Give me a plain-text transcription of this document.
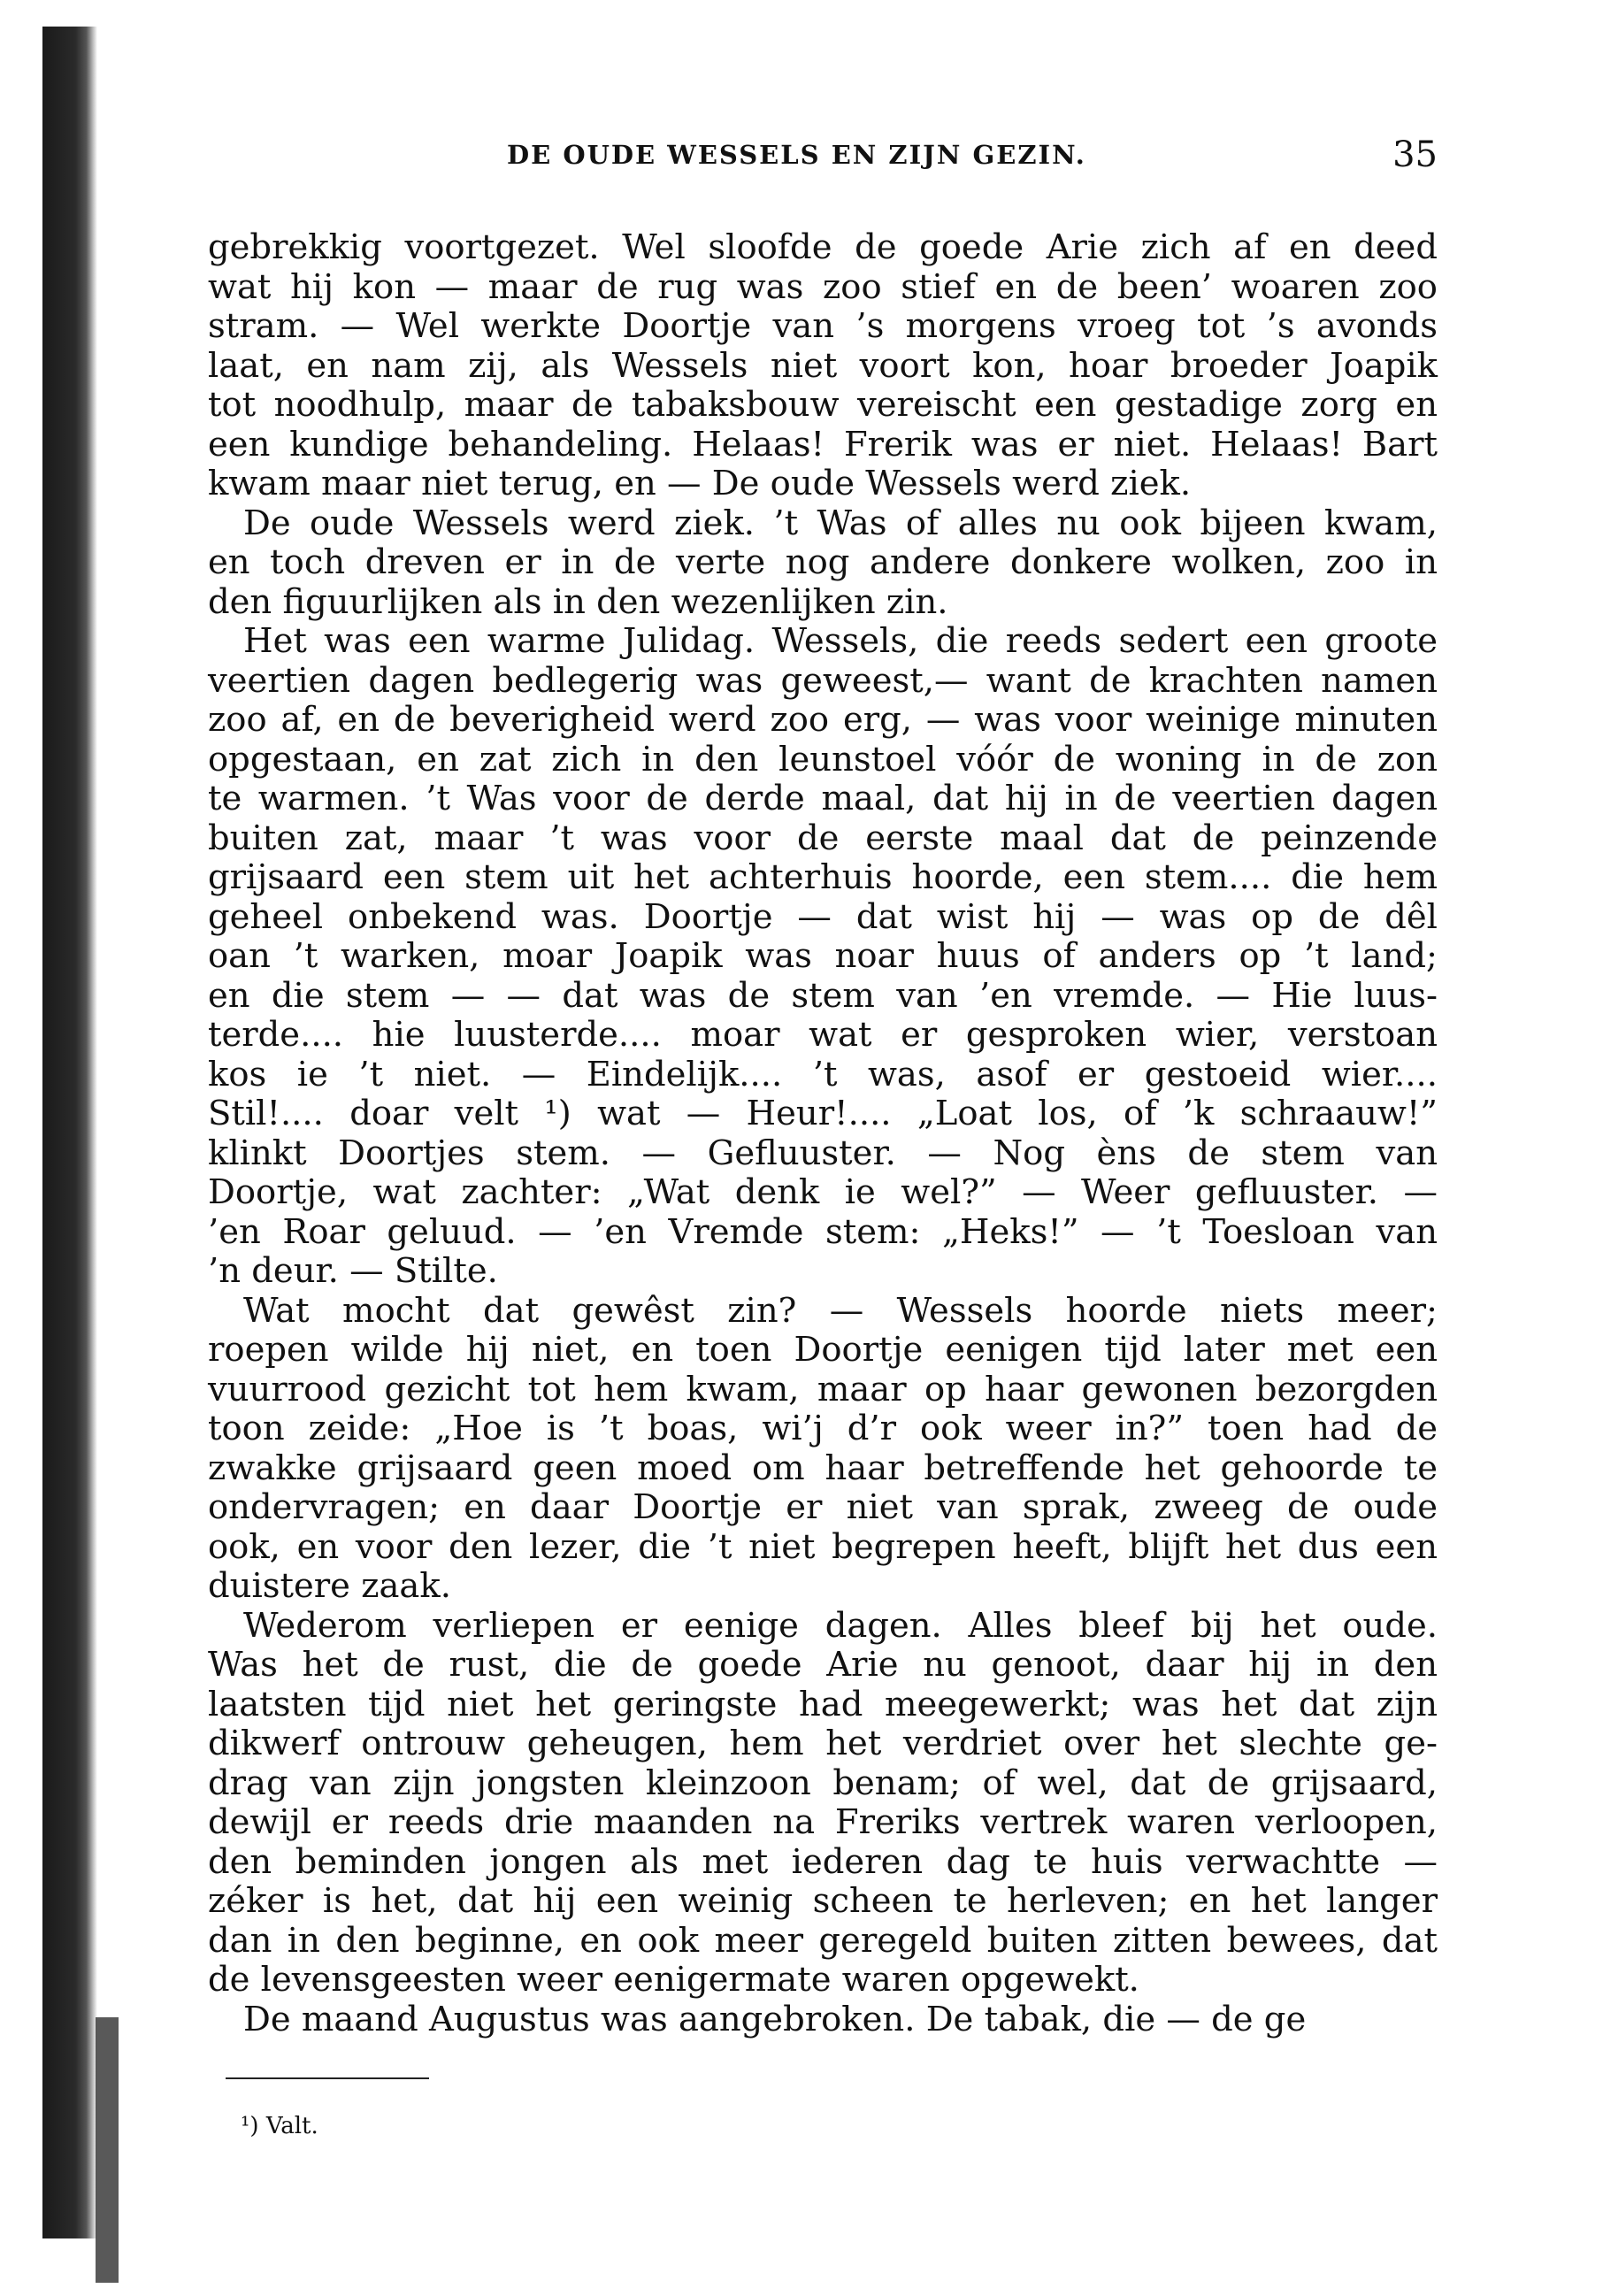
DE OUDE WESSELS EN ZIJN GEZIN.	35
gebrekkig voortgezet. Wel sloofde de goede Arie zich af en deed
wat hij kon — maar de rug was zoo stief en de been’ woaren zoo
stram. — Wel werkte Doortje van ’s morgens vroeg tot ’s avonds
laat, en nam zij, als Wessels niet voort kon, hoar broeder Joapik
tot noodhulp, maar de tabaksbouw vereischt een gestadige zorg en
een kundige behandeling. Helaas! Frerik was er niet. Helaas! Bart
kwam maar niet terug, en — De oude Wessels werd ziek.
De oude Wessels werd ziek. ’t Was of alles nu ook bijeen kwam,
en toch dreven er in de verte nog andere donkere wolken, zoo in
den figuurlijken als in den wezenlijken zin.
Het was een warme Julidag. Wessels, die reeds sedert een groote
veertien dagen bedlegerig was geweest,— want de krachten namen
zoo af, en de beverigheid werd zoo erg, — was voor weinige minuten
opgestaan, en zat zich in den leunstoel vóór de woning in de zon
te warmen. ’t Was voor de derde maal, dat hij in de veertien dagen
buiten zat, maar ’t was voor de eerste maal dat de peinzende
grijsaard een stem uit het achterhuis hoorde, een stem.... die hem
geheel onbekend was. Doortje — dat wist hij — was op de dêl
oan ’t warken, moar Joapik was noar huus of anders op ’t land;
en die stem — — dat was de stem van ’en vremde. — Hie luus-
terde.... hie luusterde.... moar wat er gesproken wier, verstoan
kos ie ’t niet. — Eindelijk.... ’t was, asof er gestoeid wier....
Stil!.... doar velt ¹) wat — Heur!.... „Loat los, of ’k schraauw!”
klinkt Doortjes stem. — Gefluuster. — Nog èns de stem van
Doortje, wat zachter: „Wat denk ie wel?” — Weer gefluuster. —
’en Roar geluud. — ’en Vremde stem: „Heks!” — ’t Toesloan van
’n deur. — Stilte.
Wat mocht dat gewêst zin? — Wessels hoorde niets meer;
roepen wilde hij niet, en toen Doortje eenigen tijd later met een
vuurrood gezicht tot hem kwam, maar op haar gewonen bezorgden
toon zeide: „Hoe is ’t boas, wi’j d’r ook weer in?” toen had de
zwakke grijsaard geen moed om haar betreffende het gehoorde te
ondervragen; en daar Doortje er niet van sprak, zweeg de oude
ook, en voor den lezer, die ’t niet begrepen heeft, blijft het dus een
duistere zaak.
Wederom verliepen er eenige dagen. Alles bleef bij het oude.
Was het de rust, die de goede Arie nu genoot, daar hij in den
laatsten tijd niet het geringste had meegewerkt; was het dat zijn
dikwerf ontrouw geheugen, hem het verdriet over het slechte ge-
drag van zijn jongsten kleinzoon benam; of wel, dat de grijsaard,
dewijl er reeds drie maanden na Freriks vertrek waren verloopen,
den beminden jongen als met iederen dag te huis verwachtte —
zéker is het, dat hij een weinig scheen te herleven; en het langer
dan in den beginne, en ook meer geregeld buiten zitten bewees, dat
de levensgeesten weer eenigermate waren opgewekt.
De maand Augustus was aangebroken. De tabak, die — de ge
¹) Valt.
